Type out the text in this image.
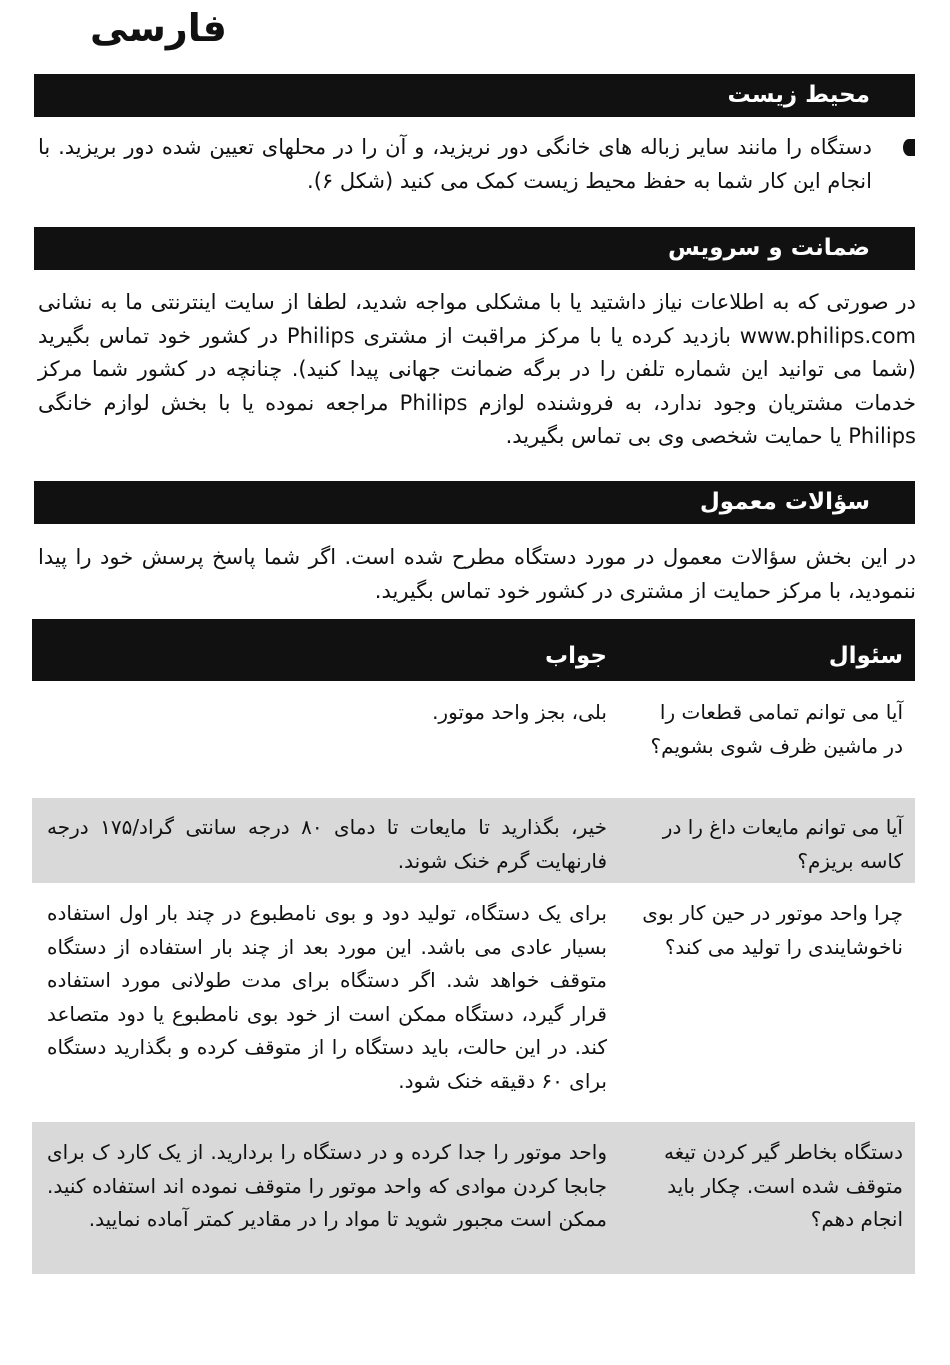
فارسی
محیط زیست
دستگاه را مانند سایر زباله های خانگی دور نریزید، و آن را در محلهای تعیین شده دور بریزید. با انجام این کار شما به حفظ محیط زیست کمک می کنید (شکل ۶).
ضمانت و سرویس
در صورتی که به اطلاعات نیاز داشتید یا با مشکلی مواجه شدید، لطفا از سایت اینترنتی ما به نشانی www.philips.com بازدید کرده یا با مرکز مراقبت از مشتری Philips در کشور خود تماس بگیرید (شما می توانید این شماره تلفن را در برگه ضمانت جهانی پیدا کنید). چنانچه در کشور شما مرکز خدمات مشتریان وجود ندارد، به فروشنده لوازم Philips مراجعه نموده یا با بخش لوازم خانگی Philips یا حمایت شخصی وی بی تماس بگیرید.
سؤالات معمول
در این بخش سؤالات معمول در مورد دستگاه مطرح شده است. اگر شما پاسخ پرسش خود را پیدا ننمودید، با مرکز حمایت از مشتری در کشور خود تماس بگیرید.
سئوال
جواب
آیا می توانم تمامی قطعات را در ماشین ظرف شوی بشویم؟
بلی، بجز واحد موتور.
آیا می توانم مایعات داغ را در کاسه بریزم؟
خیر، بگذارید تا مایعات تا دمای ۸۰ درجه سانتی گراد/۱۷۵ درجه فارنهایت گرم خنک شوند.
چرا واحد موتور در حین کار بوی ناخوشایندی را تولید می کند؟
برای یک دستگاه، تولید دود و بوی نامطبوع در چند بار اول استفاده بسیار عادی می باشد. این مورد بعد از چند بار استفاده از دستگاه متوقف خواهد شد. اگر دستگاه برای مدت طولانی مورد استفاده قرار گیرد، دستگاه ممکن است از خود بوی نامطبوع یا دود متصاعد کند. در این حالت، باید دستگاه را از متوقف کرده و بگذارید دستگاه برای ۶۰ دقیقه خنک شود.
دستگاه بخاطر گیر کردن تیغه متوقف شده است. چکار باید انجام دهم؟
واحد موتور را جدا کرده و در دستگاه را بردارید. از یک کارد ک برای جابجا کردن موادی که واحد موتور را متوقف نموده اند استفاده کنید. ممکن است مجبور شوید تا مواد را در مقادیر کمتر آماده نمایید.
